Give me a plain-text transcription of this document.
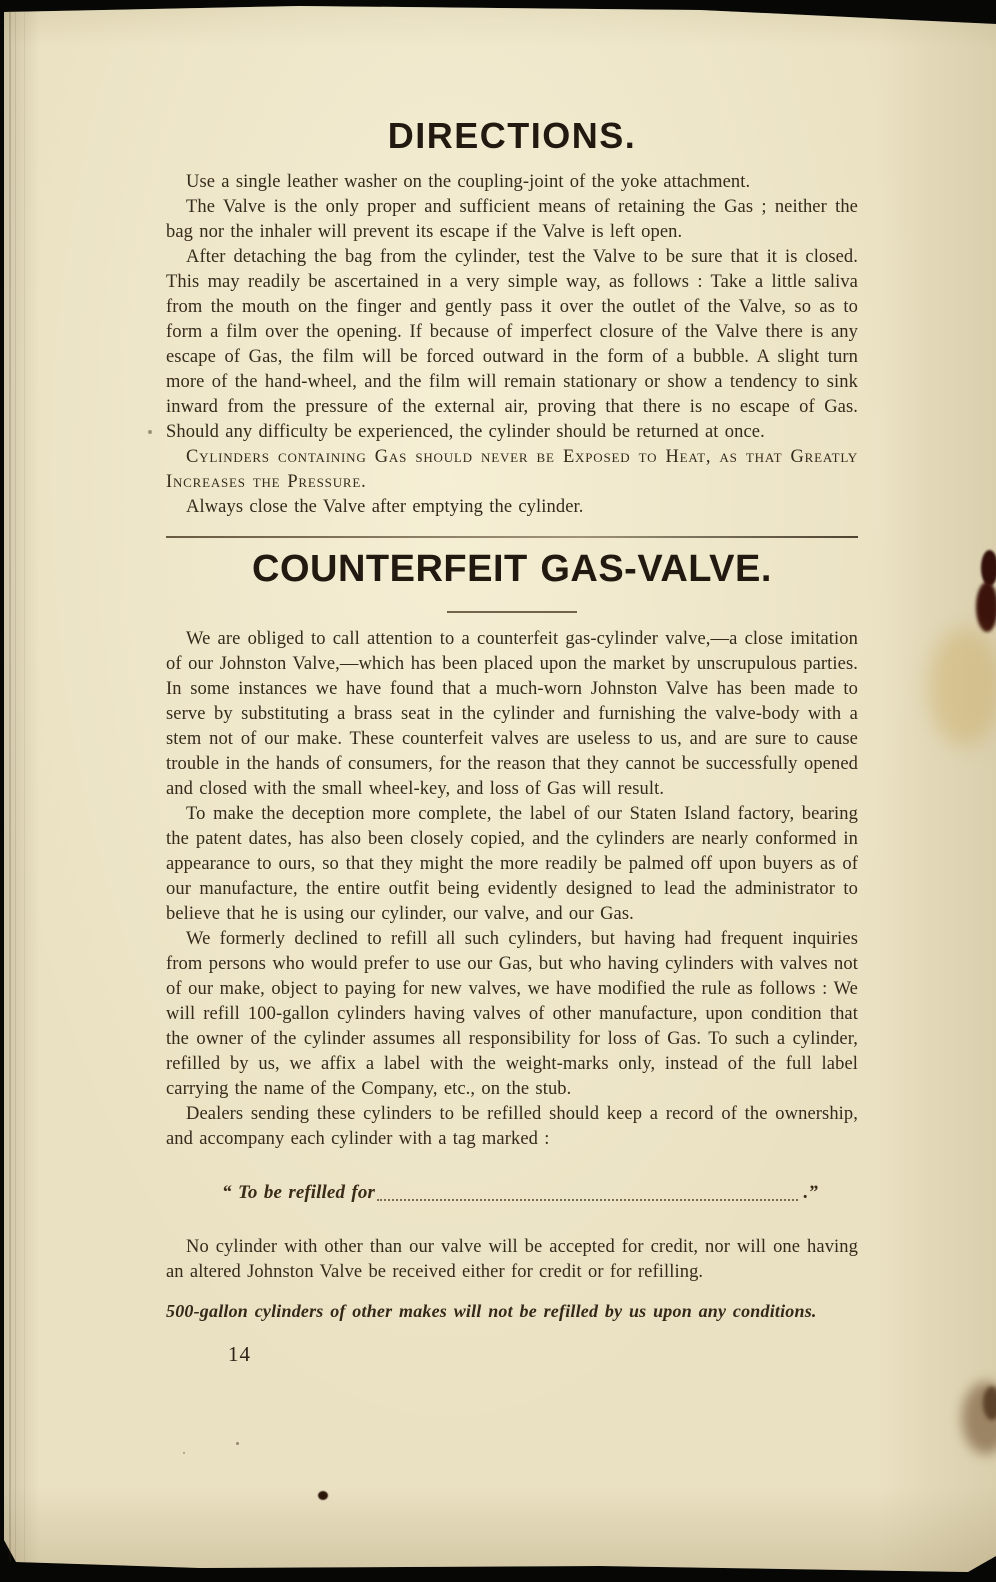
DIRECTIONS.

Use a single leather washer on the coupling-joint of the yoke attachment.

The Valve is the only proper and sufficient means of retaining the Gas ; neither the bag nor the inhaler will prevent its escape if the Valve is left open.

After detaching the bag from the cylinder, test the Valve to be sure that it is closed. This may readily be ascertained in a very simple way, as follows : Take a little saliva from the mouth on the finger and gently pass it over the outlet of the Valve, so as to form a film over the opening. If because of imperfect closure of the Valve there is any escape of Gas, the film will be forced outward in the form of a bubble. A slight turn more of the hand-wheel, and the film will remain stationary or show a tendency to sink inward from the pressure of the external air, proving that there is no escape of Gas. Should any difficulty be experienced, the cylinder should be returned at once.

Cylinders containing Gas should never be Exposed to Heat, as that Greatly Increases the Pressure.

Always close the Valve after emptying the cylinder.

COUNTERFEIT GAS-VALVE.

We are obliged to call attention to a counterfeit gas-cylinder valve,—a close imitation of our Johnston Valve,—which has been placed upon the market by unscrupulous parties. In some instances we have found that a much-worn Johnston Valve has been made to serve by substituting a brass seat in the cylinder and furnishing the valve-body with a stem not of our make. These counterfeit valves are useless to us, and are sure to cause trouble in the hands of consumers, for the reason that they cannot be successfully opened and closed with the small wheel-key, and loss of Gas will result.

To make the deception more complete, the label of our Staten Island factory, bearing the patent dates, has also been closely copied, and the cylinders are nearly conformed in appearance to ours, so that they might the more readily be palmed off upon buyers as of our manufacture, the entire outfit being evidently designed to lead the administrator to believe that he is using our cylinder, our valve, and our Gas.

We formerly declined to refill all such cylinders, but having had frequent inquiries from persons who would prefer to use our Gas, but who having cylinders with valves not of our make, object to paying for new valves, we have modified the rule as follows : We will refill 100-gallon cylinders having valves of other manufacture, upon condition that the owner of the cylinder assumes all responsibility for loss of Gas. To such a cylinder, refilled by us, we affix a label with the weight-marks only, instead of the full label carrying the name of the Company, etc., on the stub.

Dealers sending these cylinders to be refilled should keep a record of the ownership, and accompany each cylinder with a tag marked :

“ To be refilled for	.”

No cylinder with other than our valve will be accepted for credit, nor will one having an altered Johnston Valve be received either for credit or for refilling.

500-gallon cylinders of other makes will not be refilled by us upon any conditions.

14
